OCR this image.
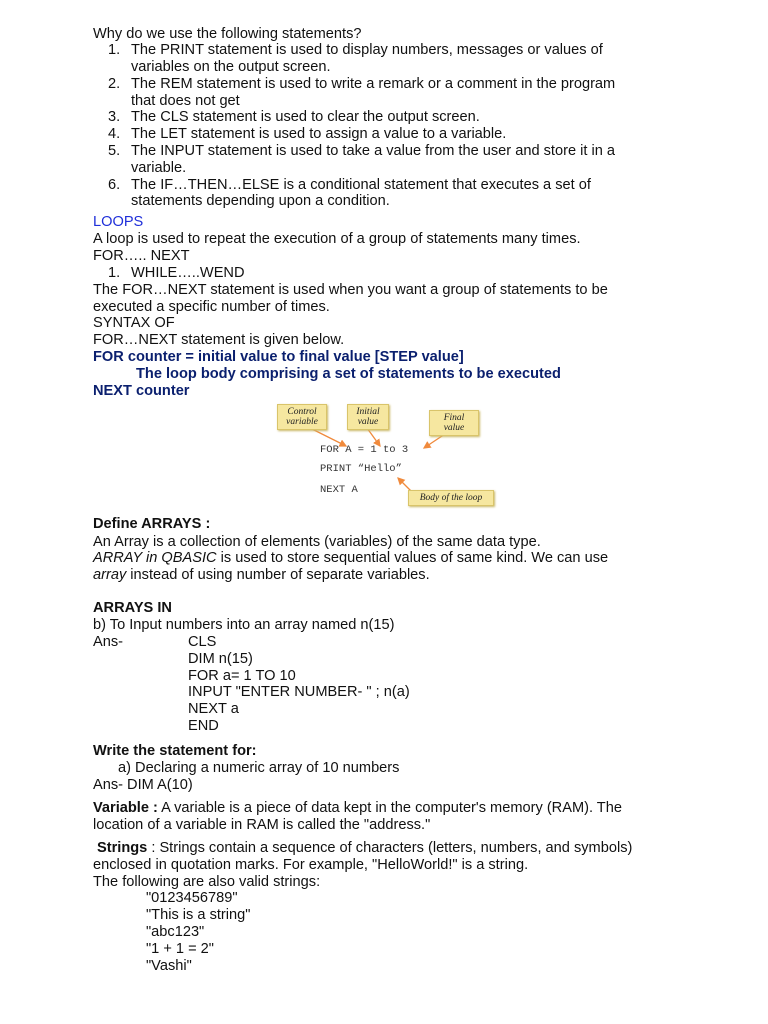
Why do we use the following statements?
1. The PRINT statement is used to display numbers, messages or values of
variables on the output screen.
2. The REM statement is used to write a remark or a comment in the program
that does not get
3. The CLS statement is used to clear the output screen.
4. The LET statement is used to assign a value to a variable.
5. The INPUT statement is used to take a value from the user and store it in a
variable.
6. The IF…THEN…ELSE is a conditional statement that executes a set of
statements depending upon a condition.
LOOPS
A loop is used to repeat the execution of a group of statements many times.
FOR….. NEXT
1. WHILE…..WEND
The FOR…NEXT statement is used when you want a group of statements to be
executed a specific number of times.
SYNTAX OF
FOR…NEXT statement is given below.
FOR counter = initial value to final value [STEP value]
The loop body comprising a set of statements to be executed
NEXT counter
Control
variable
Initial
value	Final
value
FOR A = 1 to 3
PRINT “Hello”
NEXT A
Body of the loop
Define ARRAYS :
An Array is a collection of elements (variables) of the same data type.
ARRAY in QBASIC is used to store sequential values of same kind. We can use
array instead of using number of separate variables.
ARRAYS IN
b) To Input numbers into an array named n(15)
Ans-	CLS
DIM n(15)
FOR a= 1 TO 10
INPUT "ENTER NUMBER- " ; n(a)
NEXT a
END
Write the statement for:
a) Declaring a numeric array of 10 numbers
Ans- DIM A(10)
Variable : A variable is a piece of data kept in the computer's memory (RAM). The
location of a variable in RAM is called the "address."
Strings : Strings contain a sequence of characters (letters, numbers, and symbols)
enclosed in quotation marks. For example, "HelloWorld!" is a string.
The following are also valid strings:
"0123456789"
"This is a string"
"abc123"
"1 + 1 = 2"
"Vashi"
